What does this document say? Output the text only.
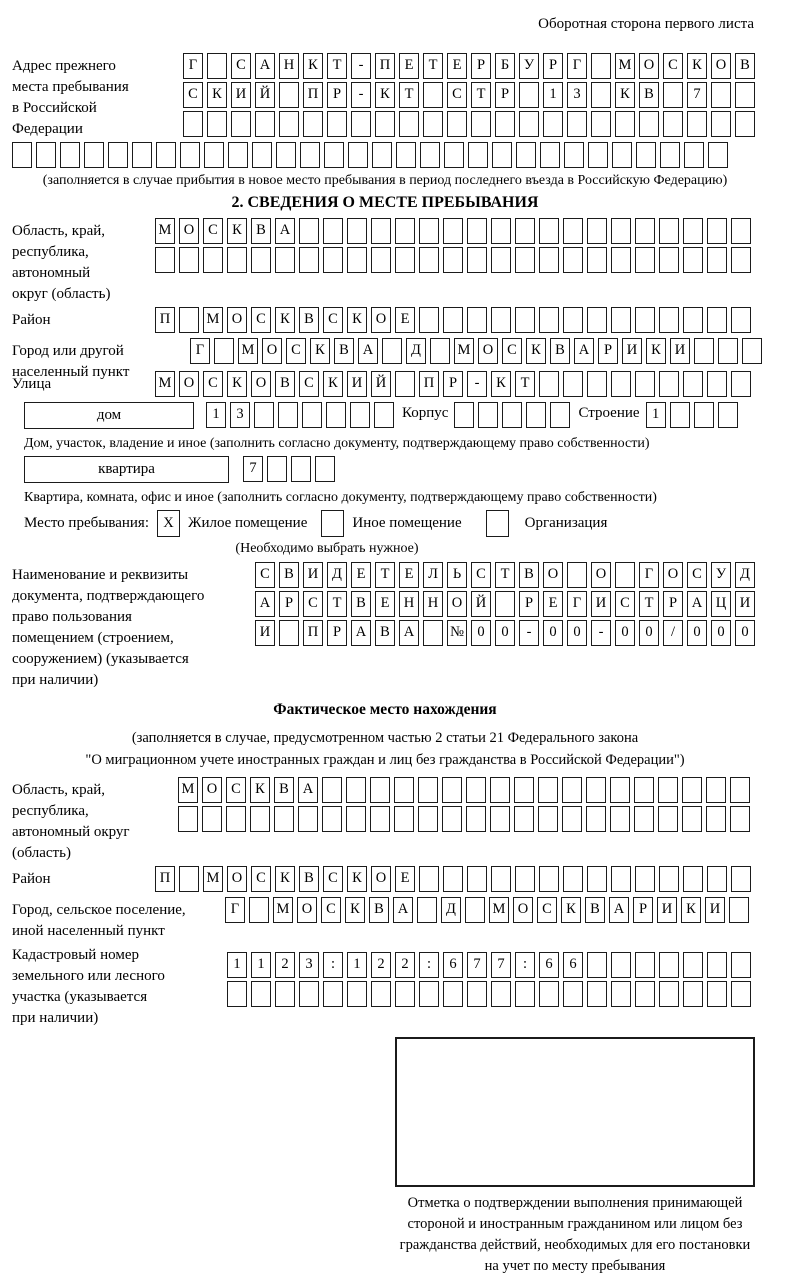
Оборотная сторона первого листа
Адрес прежнего
места пребывания
в Российской
Федерации
Г	С А Н К Т - П Е Т Е Р Б У Р Г	М О С К О В
С К И Й	П Р - К Т	С Т Р	1 3	К В	7
(заполняется в случае прибытия в новое место пребывания в период последнего въезда в Российскую Федерацию)
2. СВЕДЕНИЯ О МЕСТЕ ПРЕБЫВАНИЯ
Область, край,
республика,
автономный
округ (область)
М О С К В А
Район	П	М О С К В С К О Е
Город или другой
населенный пункт
Г	М О С К В А	Д	М О С К В А Р И К И
Улица	М О С К О В С К И Й	П Р - К Т
дом	1 3	Корпус	Строение 1
Дом, участок, владение и иное (заполнить согласно документу, подтверждающему право собственности)
квартира	7
Квартира, комната, офис и иное (заполнить согласно документу, подтверждающему право собственности)
Место пребывания: X Жилое помещение	Иное помещение	Организация
(Необходимо выбрать нужное)
Наименование и реквизиты
документа, подтверждающего
право пользования
помещением (строением,
сооружением) (указывается
при наличии)
С В И Д Е Т Е Л Ь С Т В О	О	Г О С У Д
А Р С Т В Е Н Н О Й	Р Е Г И С Т Р А Ц И
И	П Р А В А № 0 0 - 0 0 - 0 0 / 0 0 0
Фактическое место нахождения
(заполняется в случае, предусмотренном частью 2 статьи 21 Федерального закона
"О миграционном учете иностранных граждан и лиц без гражданства в Российской Федерации")
Область, край,
республика,
автономный округ
(область)
М О С К В А
Район	П	М О С К В С К О Е
Город, сельское поселение,
иной населенный пункт
Г	М О С К В А	Д	М О С К В А Р И К И
Кадастровый номер
земельного или лесного
участка (указывается
при наличии)
1 1 2 3 : 1 2 2 : 6 7 7 : 6 6
Отметка о подтверждении выполнения принимающей
стороной и иностранным гражданином или лицом без
гражданства действий, необходимых для его постановки
на учет по месту пребывания
